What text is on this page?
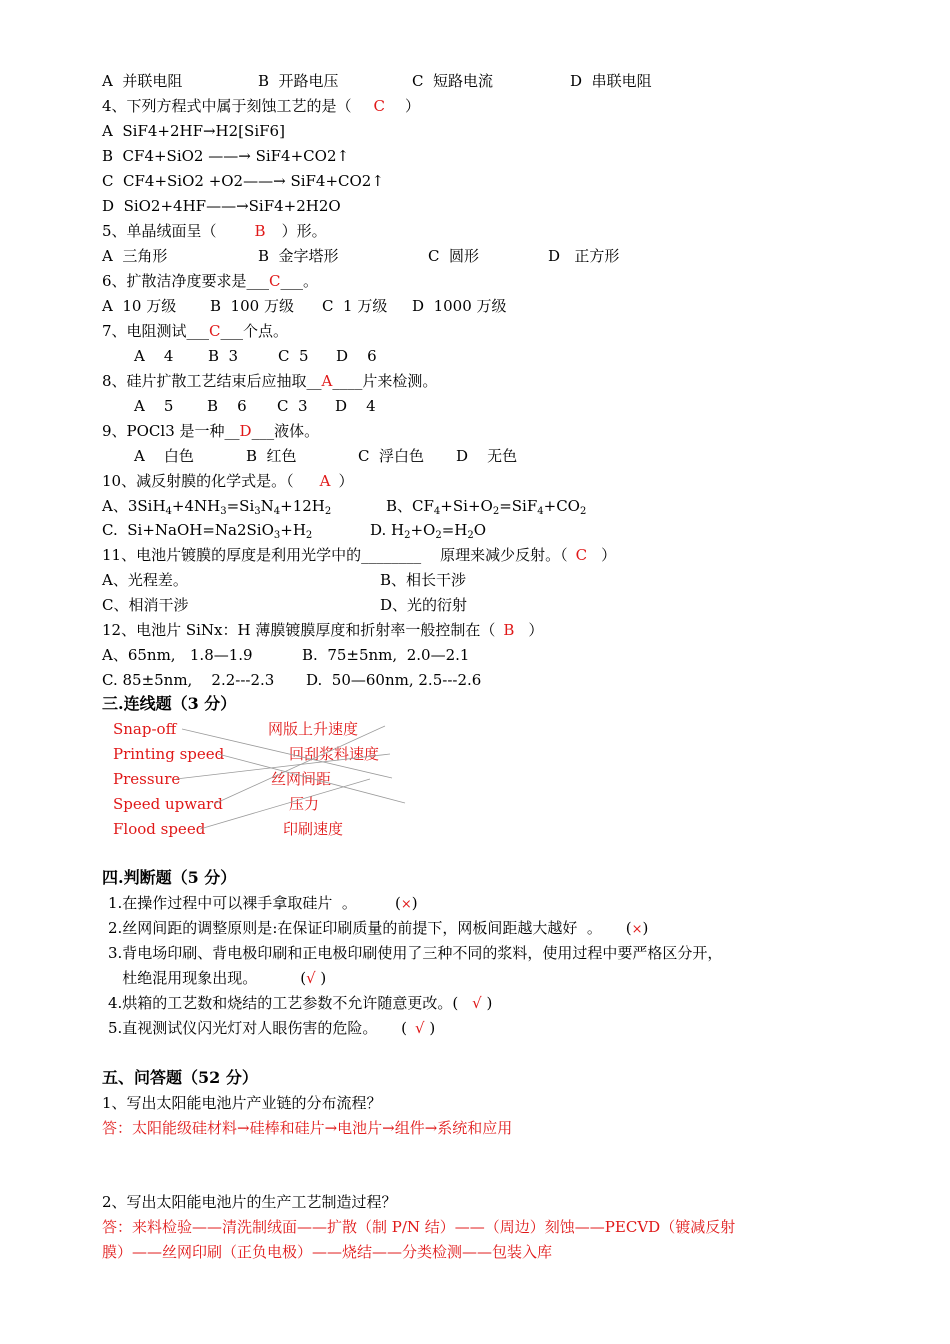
A  并联电阻	B  开路电压	C  短路电流	D  串联电阻
4、下列方程式中属于刻蚀工艺的是（ C ）
A  SiF4+2HF→H2[SiF6]
B  CF4+SiO2 ——→ SiF4+CO2↑
C  CF4+SiO2 +O2——→ SiF4+CO2↑
D  SiO2+4HF——→SiF4+2H2O
5、单晶绒面呈（	B ）形。
A  三角形	B  金字塔形	C  圆形	D   正方形
6、扩散洁净度要求是___C___。
A  10 万级 B  100 万级 C  1 万级 D  1000 万级
7、电阻测试___C___个点。
A    4 B  3	C  5 D    6
8、硅片扩散工艺结束后应抽取__A____片来检测。
A    5 B    6 C  3 D    4
9、POCl3 是一种__D___液体。
A    白色	B  红色	C  浮白色 D    无色
10、减反射膜的化学式是。（ A ）
A、$3SiH_4+4NH_3=Si_3N_4+12H_2$	B、$CF_4+Si+O_2=SiF_4+CO_2$
C.  $Si+NaOH=Na2SiO_3+H_2$	D. $H_2+O_2=H_2O$
11、电池片镀膜的厚度是利用光学中的________    原理来减少反射。（ C ）
A、光程差。	B、相长干涉
C、相消干涉	D、光的衍射
12、电池片 SiNx：H 薄膜镀膜厚度和折射率一般控制在（ B ）
A、65nm,   1.8—1.9	B.  75±5nm,  2.0—2.1
C. 85±5nm,    2.2---2.3 D.  50—60nm, 2.5---2.6
三.连线题（3 分）
Snap-off
Printing speed
Pressure
Speed upward
Flood speed
网版上升速度
回刮浆料速度
丝网间距
压力
印刷速度
四.判断题（5 分）
1.在操作过程中可以裸手拿取硅片  。        (×)
2.丝网间距的调整原则是:在保证印刷质量的前提下，网板间距越大越好  。     (×)
3.背电场印刷、背电极印刷和正电极印刷使用了三种不同的浆料，使用过程中要严格区分开，
杜绝混用现象出现。         (√ )
4.烘箱的工艺数和烧结的工艺参数不允许随意更改。( √ )
5.直视测试仪闪光灯对人眼伤害的危险。     ( √ )
五、问答题（52 分）
1、写出太阳能电池片产业链的分布流程？
答：太阳能级硅材料→硅棒和硅片→电池片→组件→系统和应用
2、写出太阳能电池片的生产工艺制造过程？
答：来料检验——清洗制绒面——扩散（制 P/N 结）——（周边）刻蚀——PECVD（镀减反射
膜）——丝网印刷（正负电极）——烧结——分类检测——包装入库
